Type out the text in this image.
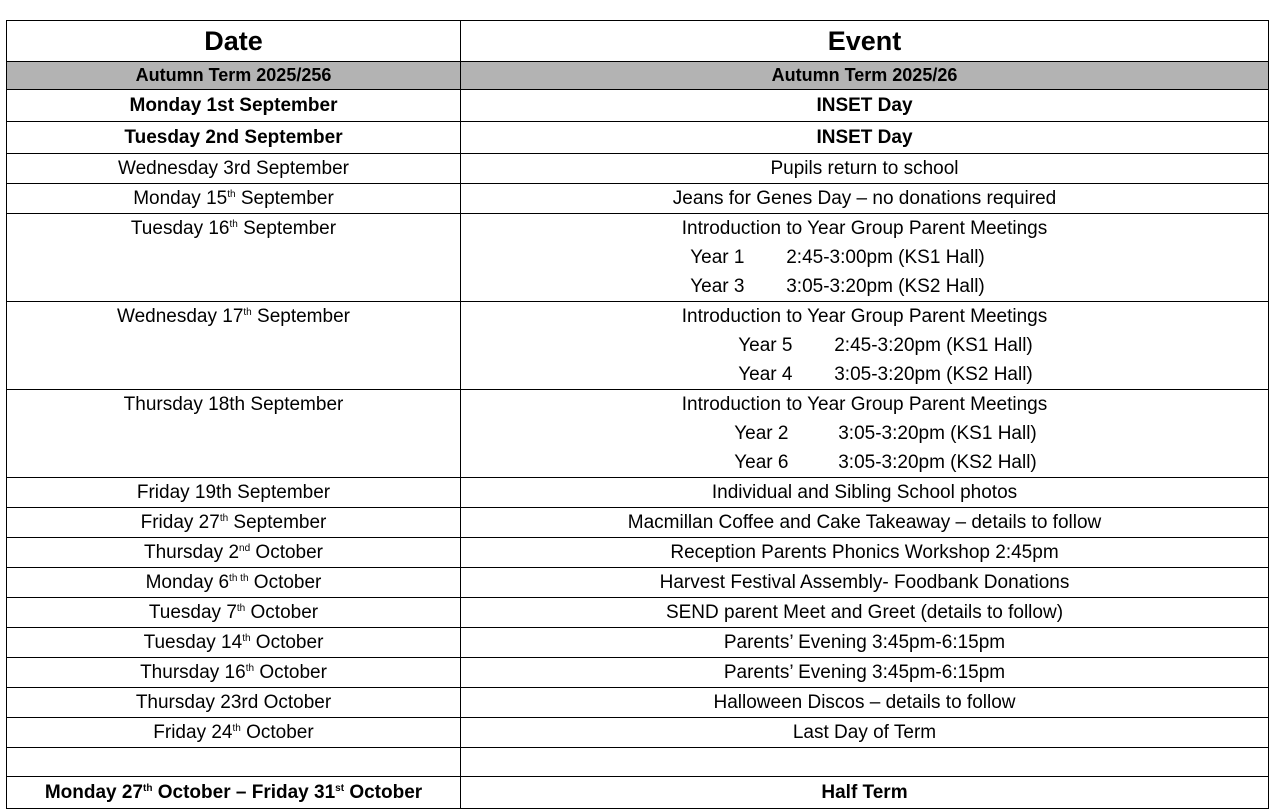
Date	Event
Autumn Term 2025/256	Autumn Term 2025/26
Monday 1st September	INSET Day
Tuesday 2nd September	INSET Day
Wednesday 3rd September	Pupils return to school
Monday 15th September	Jeans for Genes Day – no donations required
Tuesday 16th September	Introduction to Year Group Parent Meetings
Year 1 2:45-3:00pm (KS1 Hall)
Year 3 3:05-3:20pm (KS2 Hall)

Wednesday 17th September	Introduction to Year Group Parent Meetings
Year 5 2:45-3:20pm (KS1 Hall)
Year 4 3:05-3:20pm (KS2 Hall)

Thursday 18th September	Introduction to Year Group Parent Meetings
Year 2 3:05-3:20pm (KS1 Hall)
Year 6 3:05-3:20pm (KS2 Hall)

Friday 19th September	Individual and Sibling School photos
Friday 27th September	Macmillan Coffee and Cake Takeaway – details to follow
Thursday 2nd October	Reception Parents Phonics Workshop 2:45pm
Monday $6^{th th}$ October	Harvest Festival Assembly- Foodbank Donations
Tuesday 7th October	SEND parent Meet and Greet (details to follow)
Tuesday 14th October	Parents’ Evening 3:45pm-6:15pm
Thursday 16th October	Parents’ Evening 3:45pm-6:15pm
Thursday 23rd October	Halloween Discos – details to follow
Friday 24th October	Last Day of Term

Monday 27th October – Friday 31st October	Half Term
